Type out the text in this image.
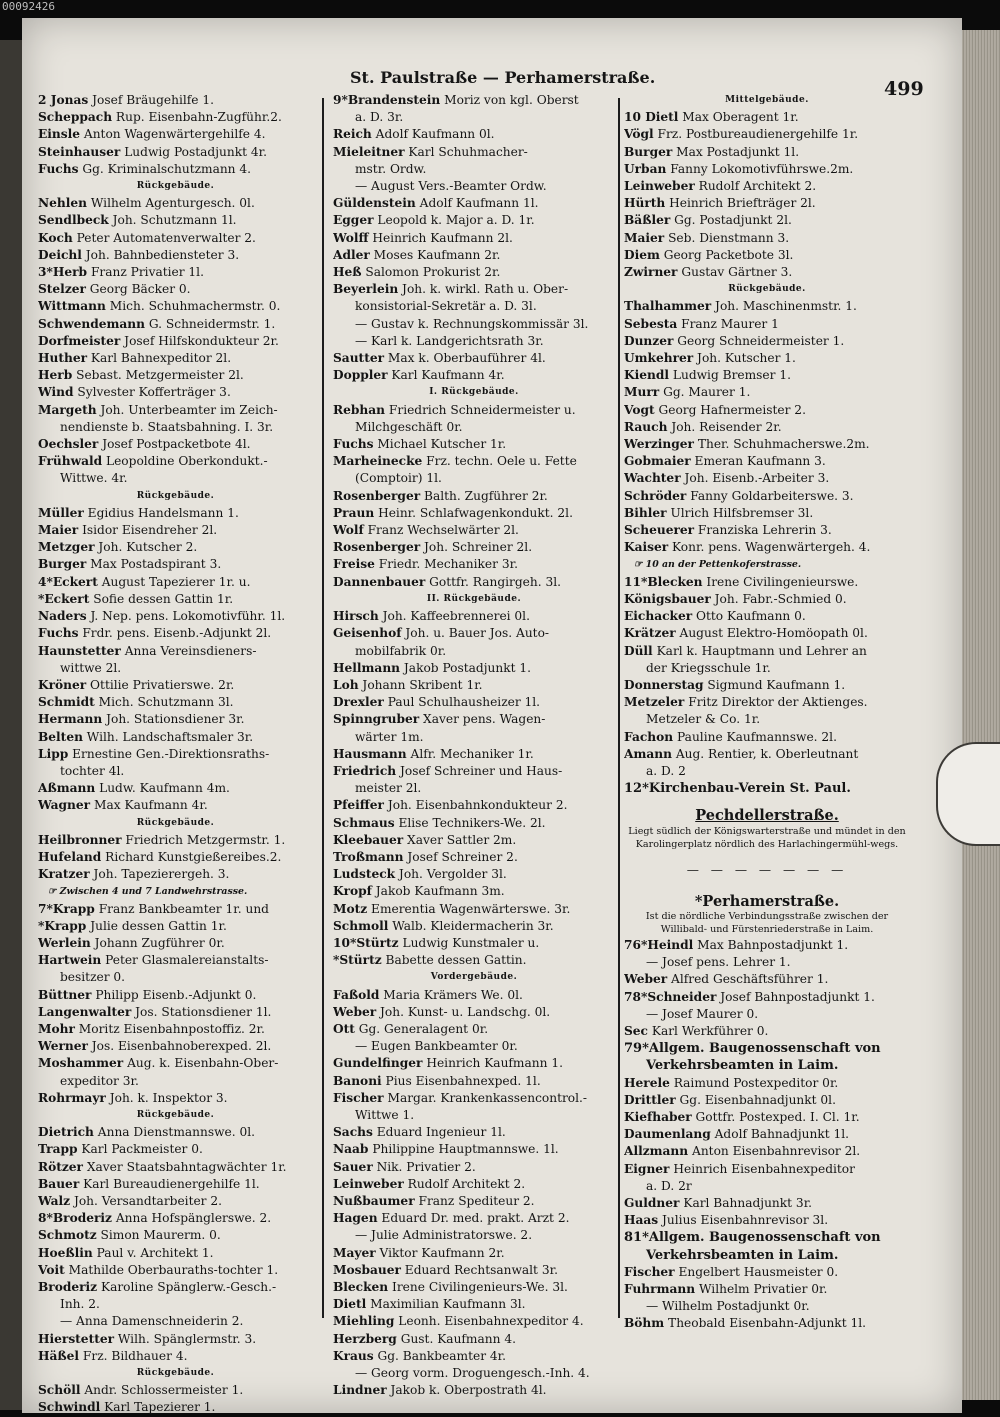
00092426
St. Paulstraße — Perhamerstraße.
499
2 Jonas Josef Bräugehilfe 1.
Scheppach Rup. Eisenbahn-Zugführ.2.
Einsle Anton Wagenwärtergehilfe 4.
Steinhauser Ludwig Postadjunkt 4r.
Fuchs Gg. Kriminalschutzmann 4.
Rückgebäude.
Nehlen Wilhelm Agenturgesch. 0l.
Sendlbeck Joh. Schutzmann 1l.
Koch Peter Automatenverwalter 2.
Deichl Joh. Bahnbediensteter 3.
3*Herb Franz Privatier 1l.
Stelzer Georg Bäcker 0.
Wittmann Mich. Schuhmachermstr. 0.
Schwendemann G. Schneidermstr. 1.
Dorfmeister Josef Hilfskondukteur 2r.
Huther Karl Bahnexpeditor 2l.
Herb Sebast. Metzgermeister 2l.
Wind Sylvester Kofferträger 3.
Margeth Joh. Unterbeamter im Zeich-
nendienste b. Staatsbahning. I. 3r.
Oechsler Josef Postpacketbote 4l.
Frühwald Leopoldine Oberkondukt.-
Wittwe. 4r.
Rückgebäude.
Müller Egidius Handelsmann 1.
Maier Isidor Eisendreher 2l.
Metzger Joh. Kutscher 2.
Burger Max Postadspirant 3.
4*Eckert August Tapezierer 1r. u.
*Eckert Sofie dessen Gattin 1r.
Naders J. Nep. pens. Lokomotivführ. 1l.
Fuchs Frdr. pens. Eisenb.-Adjunkt 2l.
Haunstetter Anna Vereinsdieners-
wittwe 2l.
Kröner Ottilie Privatierswe. 2r.
Schmidt Mich. Schutzmann 3l.
Hermann Joh. Stationsdiener 3r.
Belten Wilh. Landschaftsmaler 3r.
Lipp Ernestine Gen.-Direktionsraths-
tochter 4l.
Aßmann Ludw. Kaufmann 4m.
Wagner Max Kaufmann 4r.
Rückgebäude.
Heilbronner Friedrich Metzgermstr. 1.
Hufeland Richard Kunstgießereibes.2.
Kratzer Joh. Tapezierergeh. 3.
☞ Zwischen 4 und 7 Landwehrstrasse.
7*Krapp Franz Bankbeamter 1r. und
*Krapp Julie dessen Gattin 1r.
Werlein Johann Zugführer 0r.
Hartwein Peter Glasmalereianstalts-
besitzer 0.
Büttner Philipp Eisenb.-Adjunkt 0.
Langenwalter Jos. Stationsdiener 1l.
Mohr Moritz Eisenbahnpostoffiz. 2r.
Werner Jos. Eisenbahnoberexped. 2l.
Moshammer Aug. k. Eisenbahn-Ober-
expeditor 3r.
Rohrmayr Joh. k. Inspektor 3.
Rückgebäude.
Dietrich Anna Dienstmannswe. 0l.
Trapp Karl Packmeister 0.
Rötzer Xaver Staatsbahntagwächter 1r.
Bauer Karl Bureaudienergehilfe 1l.
Walz Joh. Versandtarbeiter 2.
8*Broderiz Anna Hofspänglerswe. 2.
Schmotz Simon Maurerm. 0.
Hoeßlin Paul v. Architekt 1.
Voit Mathilde Oberbauraths-tochter 1.
Broderiz Karoline Spänglerw.-Gesch.-
Inh. 2.
— Anna Damenschneiderin 2.
Hierstetter Wilh. Spänglermstr. 3.
Häßel Frz. Bildhauer 4.
Rückgebäude.
Schöll Andr. Schlossermeister 1.
Schwindl Karl Tapezierer 1.
9*Brandenstein Moriz von kgl. Oberst
a. D. 3r.
Reich Adolf Kaufmann 0l.
Mieleitner Karl Schuhmacher-
mstr. Ordw.
— August Vers.-Beamter Ordw.
Güldenstein Adolf Kaufmann 1l.
Egger Leopold k. Major a. D. 1r.
Wolff Heinrich Kaufmann 2l.
Adler Moses Kaufmann 2r.
Heß Salomon Prokurist 2r.
Beyerlein Joh. k. wirkl. Rath u. Ober-
konsistorial-Sekretär a. D. 3l.
— Gustav k. Rechnungskommissär 3l.
— Karl k. Landgerichtsrath 3r.
Sautter Max k. Oberbauführer 4l.
Doppler Karl Kaufmann 4r.
I. Rückgebäude.
Rebhan Friedrich Schneidermeister u.
Milchgeschäft 0r.
Fuchs Michael Kutscher 1r.
Marheinecke Frz. techn. Oele u. Fette
(Comptoir) 1l.
Rosenberger Balth. Zugführer 2r.
Praun Heinr. Schlafwagenkondukt. 2l.
Wolf Franz Wechselwärter 2l.
Rosenberger Joh. Schreiner 2l.
Freise Friedr. Mechaniker 3r.
Dannenbauer Gottfr. Rangirgeh. 3l.
II. Rückgebäude.
Hirsch Joh. Kaffeebrennerei 0l.
Geisenhof Joh. u. Bauer Jos. Auto-
mobilfabrik 0r.
Hellmann Jakob Postadjunkt 1.
Loh Johann Skribent 1r.
Drexler Paul Schulhausheizer 1l.
Spinngruber Xaver pens. Wagen-
wärter 1m.
Hausmann Alfr. Mechaniker 1r.
Friedrich Josef Schreiner und Haus-
meister 2l.
Pfeiffer Joh. Eisenbahnkondukteur 2.
Schmaus Elise Technikers-We. 2l.
Kleebauer Xaver Sattler 2m.
Troßmann Josef Schreiner 2.
Ludsteck Joh. Vergolder 3l.
Kropf Jakob Kaufmann 3m.
Motz Emerentia Wagenwärterswe. 3r.
Schmoll Walb. Kleidermacherin 3r.
10*Stürtz Ludwig Kunstmaler u.
*Stürtz Babette dessen Gattin.
Vordergebäude.
Faßold Maria Krämers We. 0l.
Weber Joh. Kunst- u. Landschg. 0l.
Ott Gg. Generalagent 0r.
— Eugen Bankbeamter 0r.
Gundelfinger Heinrich Kaufmann 1.
Banoni Pius Eisenbahnexped. 1l.
Fischer Margar. Krankenkassencontrol.-
Wittwe 1.
Sachs Eduard Ingenieur 1l.
Naab Philippine Hauptmannswe. 1l.
Sauer Nik. Privatier 2.
Leinweber Rudolf Architekt 2.
Nußbaumer Franz Spediteur 2.
Hagen Eduard Dr. med. prakt. Arzt 2.
— Julie Administratorswe. 2.
Mayer Viktor Kaufmann 2r.
Mosbauer Eduard Rechtsanwalt 3r.
Blecken Irene Civilingenieurs-We. 3l.
Dietl Maximilian Kaufmann 3l.
Miehling Leonh. Eisenbahnexpeditor 4.
Herzberg Gust. Kaufmann 4.
Kraus Gg. Bankbeamter 4r.
— Georg vorm. Droguengesch.-Inh. 4.
Lindner Jakob k. Oberpostrath 4l.
Mittelgebäude.
10 Dietl Max Oberagent 1r.
Vögl Frz. Postbureaudienergehilfe 1r.
Burger Max Postadjunkt 1l.
Urban Fanny Lokomotivführswe.2m.
Leinweber Rudolf Architekt 2.
Hürth Heinrich Briefträger 2l.
Bäßler Gg. Postadjunkt 2l.
Maier Seb. Dienstmann 3.
Diem Georg Packetbote 3l.
Zwirner Gustav Gärtner 3.
Rückgebäude.
Thalhammer Joh. Maschinenmstr. 1.
Sebesta Franz Maurer 1
Dunzer Georg Schneidermeister 1.
Umkehrer Joh. Kutscher 1.
Kiendl Ludwig Bremser 1.
Murr Gg. Maurer 1.
Vogt Georg Hafnermeister 2.
Rauch Joh. Reisender 2r.
Werzinger Ther. Schuhmacherswe.2m.
Gobmaier Emeran Kaufmann 3.
Wachter Joh. Eisenb.-Arbeiter 3.
Schröder Fanny Goldarbeiterswe. 3.
Bihler Ulrich Hilfsbremser 3l.
Scheuerer Franziska Lehrerin 3.
Kaiser Konr. pens. Wagenwärtergeh. 4.
☞ 10 an der Pettenkoferstrasse.
11*Blecken Irene Civilingenieurswe.
Königsbauer Joh. Fabr.-Schmied 0.
Eichacker Otto Kaufmann 0.
Krätzer August Elektro-Homöopath 0l.
Düll Karl k. Hauptmann und Lehrer an
der Kriegsschule 1r.
Donnerstag Sigmund Kaufmann 1.
Metzeler Fritz Direktor der Aktienges.
Metzeler & Co. 1r.
Fachon Pauline Kaufmannswe. 2l.
Amann Aug. Rentier, k. Oberleutnant
a. D. 2
12*Kirchenbau-Verein St. Paul.
Pechdellerstraße.
Liegt südlich der Königswarterstraße und mündet in den Karolingerplatz nördlich des Harlachingermühl-wegs.
— — — — — — —
*Perhamerstraße.
Ist die nördliche Verbindungsstraße zwischen der Willibald- und Fürstenriederstraße in Laim.
76*Heindl Max Bahnpostadjunkt 1.
— Josef pens. Lehrer 1.
Weber Alfred Geschäftsführer 1.
78*Schneider Josef Bahnpostadjunkt 1.
— Josef Maurer 0.
Sec Karl Werkführer 0.
79*Allgem. Baugenossenschaft von
Verkehrsbeamten in Laim.
Herele Raimund Postexpeditor 0r.
Drittler Gg. Eisenbahnadjunkt 0l.
Kiefhaber Gottfr. Postexped. I. Cl. 1r.
Daumenlang Adolf Bahnadjunkt 1l.
Allzmann Anton Eisenbahnrevisor 2l.
Eigner Heinrich Eisenbahnexpeditor
a. D. 2r
Guldner Karl Bahnadjunkt 3r.
Haas Julius Eisenbahnrevisor 3l.
81*Allgem. Baugenossenschaft von
Verkehrsbeamten in Laim.
Fischer Engelbert Hausmeister 0.
Fuhrmann Wilhelm Privatier 0r.
— Wilhelm Postadjunkt 0r.
Böhm Theobald Eisenbahn-Adjunkt 1l.
